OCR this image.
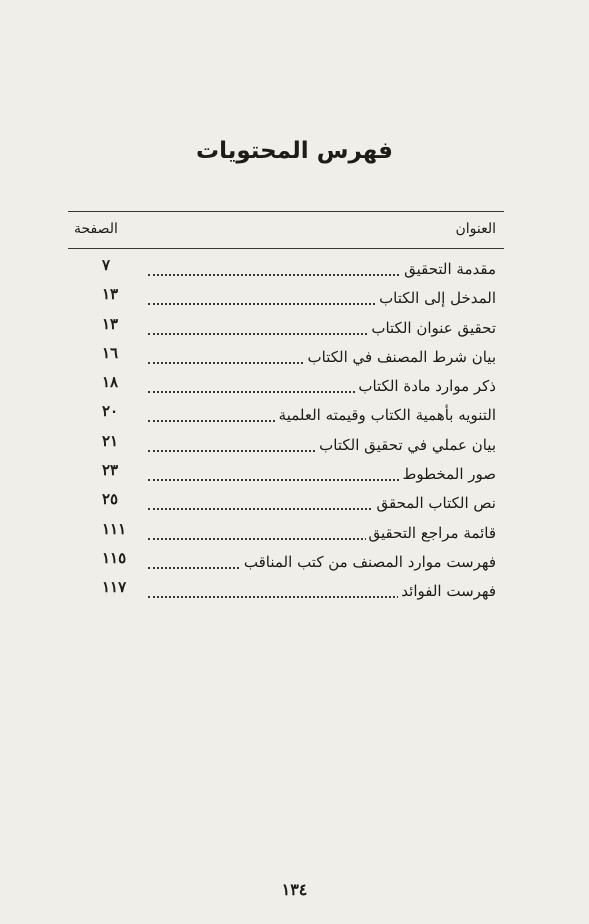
فهرس المحتويات
العنوان
الصفحة
مقدمة التحقيق
٧
المدخل إلى الكتاب
١٣
تحقيق عنوان الكتاب
١٣
بيان شرط المصنف في الكتاب
١٦
ذكر موارد مادة الكتاب
١٨
التنويه بأهمية الكتاب وقيمته العلمية
٢٠
بيان عملي في تحقيق الكتاب
٢١
صور المخطوط
٢٣
نص الكتاب المحقق
٢٥
قائمة مراجع التحقيق
١١١
فهرست موارد المصنف من كتب المناقب
١١٥
فهرست الفوائد
١١٧
١٣٤
